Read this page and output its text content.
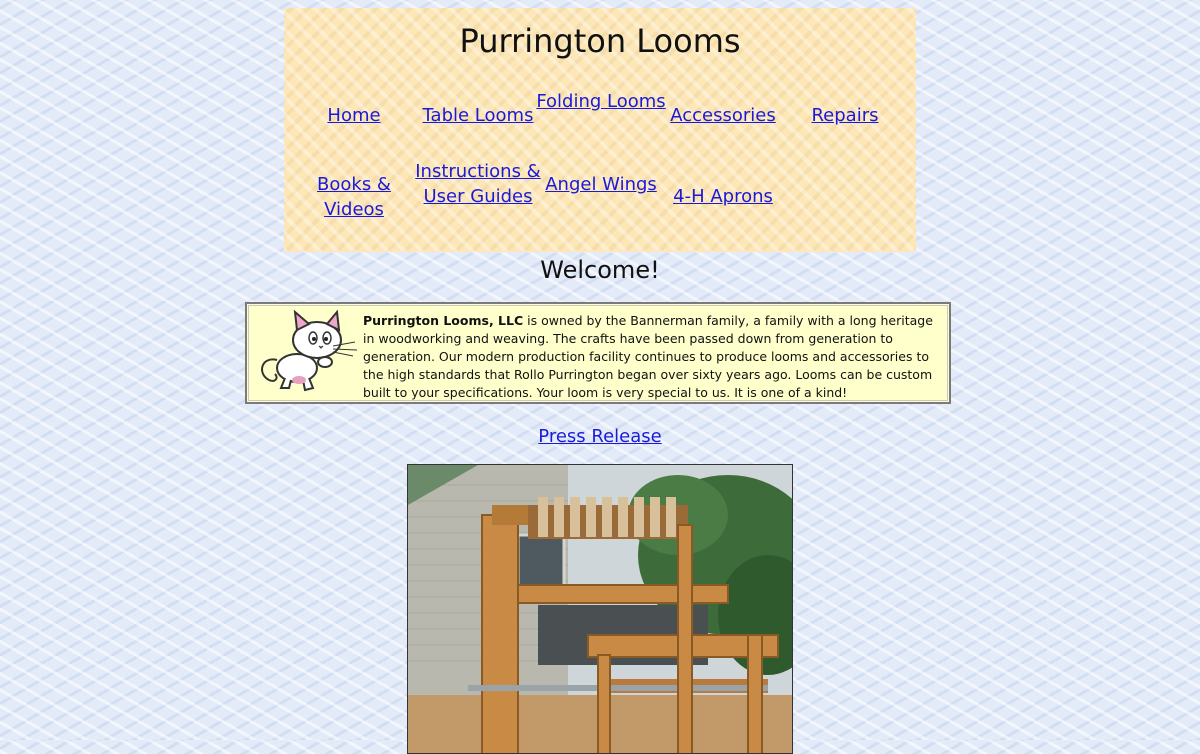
Purrington Looms
Home	Table Looms
Folding Looms
Accessories	Repairs
Books & Videos
Instructions & User Guides
Angel Wings
4-H Aprons
Welcome!
Purrington Looms, LLC is owned by the Bannerman family, a family with a long heritage in woodworking and weaving. The crafts have been passed down from generation to generation. Our modern production facility continues to produce looms and accessories to the high standards that Rollo Purrington began over sixty years ago. Looms can be custom built to your specifications. Your loom is very special to us. It is one of a kind!
Press Release
